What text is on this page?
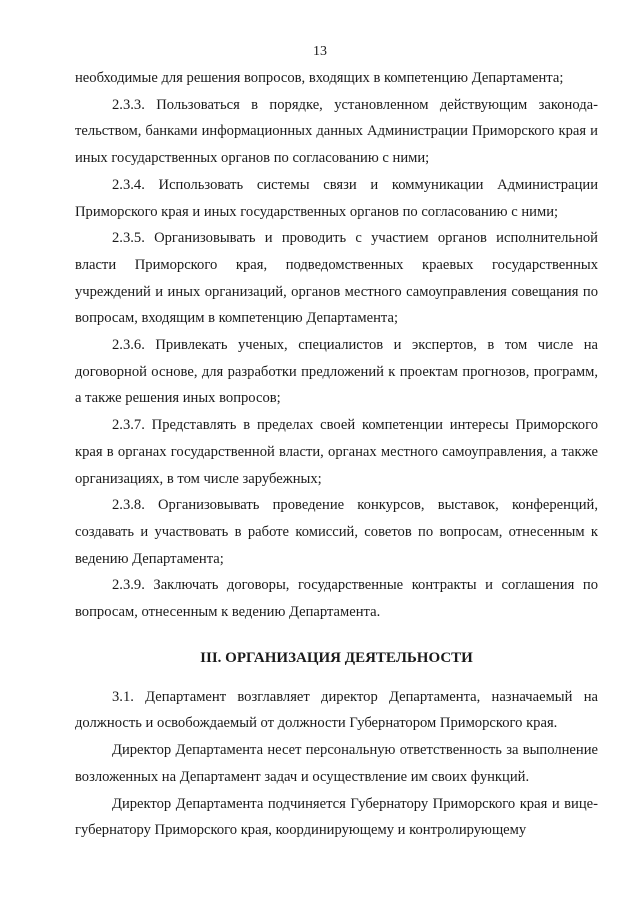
13

необходимые для решения вопросов, входящих в компетенцию Департамента;

2.3.3. Пользоваться в порядке, установленном действующим законодательством, банками информационных данных Администрации Приморского края и иных государственных органов по согласованию с ними;

2.3.4. Использовать системы связи и коммуникации Администрации Приморского края и иных государственных органов по согласованию с ними;

2.3.5. Организовывать и проводить с участием органов исполнительной власти Приморского края, подведомственных краевых государственных учреждений и иных организаций, органов местного самоуправления совещания по вопросам, входящим в компетенцию Департамента;

2.3.6. Привлекать ученых, специалистов и экспертов, в том числе на договорной основе, для разработки предложений к проектам прогнозов, программ, а также решения иных вопросов;

2.3.7. Представлять в пределах своей компетенции интересы Приморского края в органах государственной власти, органах местного самоуправления, а также организациях, в том числе зарубежных;

2.3.8. Организовывать проведение конкурсов, выставок, конференций, создавать и участвовать в работе комиссий, советов по вопросам, отнесенным к ведению Департамента;

2.3.9. Заключать договоры, государственные контракты и соглашения по вопросам, отнесенным к ведению Департамента.

III. ОРГАНИЗАЦИЯ ДЕЯТЕЛЬНОСТИ

3.1. Департамент возглавляет директор Департамента, назначаемый на должность и освобождаемый от должности Губернатором Приморского края.

Директор Департамента несет персональную ответственность за выполнение возложенных на Департамент задач и осуществление им своих функций.

Директор Департамента подчиняется Губернатору Приморского края и вице-губернатору Приморского края, координирующему и контролирующему
